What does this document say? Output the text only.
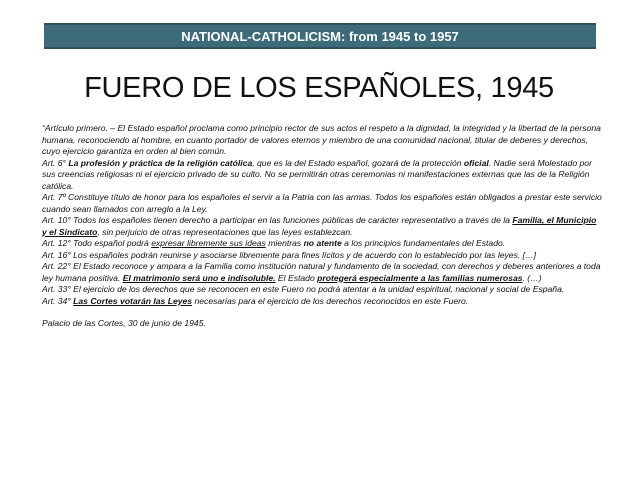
NATIONAL-CATHOLICISM: from 1945 to 1957
FUERO DE LOS ESPAÑOLES, 1945

“Artículo primero. – El Estado español proclama como principio rector de sus actos el respeto a la dignidad, la integridad y la libertad de la persona humana, reconociendo al hombre, en cuanto portador de valores eternos y miembro de una comunidad nacional, titular de deberes y derechos, cuyo ejercicio garantiza en orden al bien común.

Art. 6° La profesión y práctica de la religión católica, que es la del Estado español, gozará de la protección oficial. Nadie será Molestado por sus creencias religiosas ni el ejercicio privado de su culto. No se permitirán otras ceremonias ni manifestaciones externas que las de la Religión católica.

Art. 7º Constituye título de honor para los españoles el servir a la Patria con las armas. Todos los españoles están obligados a prestar este servicio cuando sean llamados con arreglo a la Ley.

Art. 10° Todos los españoles tienen derecho a participar en las funciones públicas de carácter representativo a través de la Familia, el Municipio y el Sindicato, sin perjuicio de otras representaciones que las leyes establezcan.

Art. 12° Todo español podrá expresar libremente sus ideas mientras no atente a los principios fundamentales del Estado.

Art. 16° Los españoles podrán reunirse y asociarse libremente para fines lícitos y de acuerdo con lo establecido por las leyes. […]

Art. 22° El Estado reconoce y ampara a la Familia como institución natural y fundamento de la sociedad, con derechos y deberes anteriores a toda ley humana positiva. El matrimonio será uno e indisoluble. El Estado protegerá especialmente a las familias numerosas. (…)

Art. 33° El ejercicio de los derechos que se reconocen en este Fuero no podrá atentar a la unidad espiritual, nacional y social de España.

Art. 34° Las Cortes votarán las Leyes necesarias para el ejercicio de los derechos reconocidos en este Fuero.

Palacio de las Cortes, 30 de junio de 1945.
